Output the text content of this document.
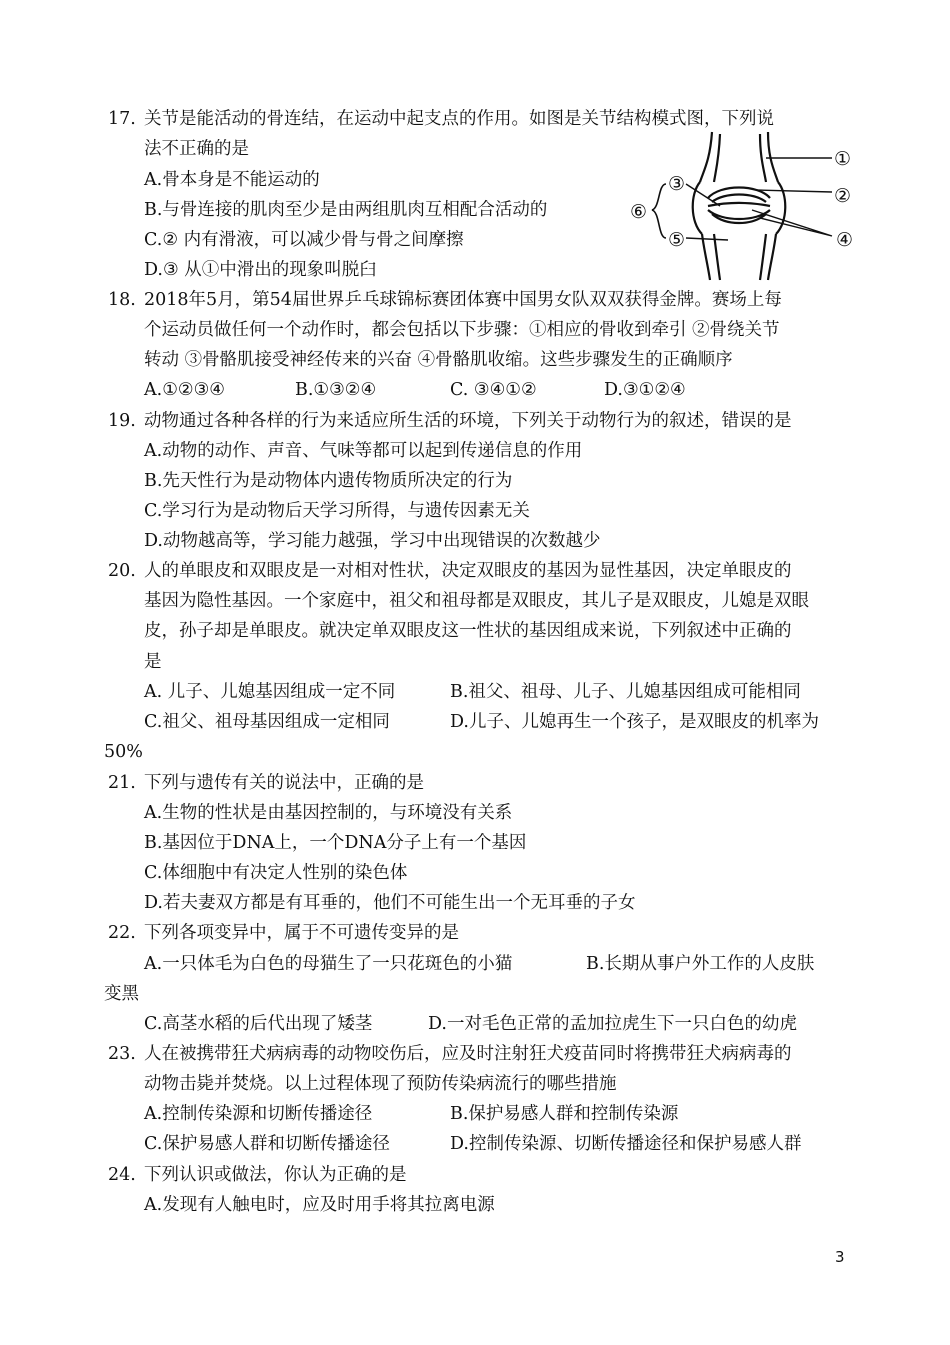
17. 关节是能活动的骨连结，在运动中起支点的作用。如图是关节结构模式图，下列说
法不正确的是
A.骨本身是不能运动的
B.与骨连接的肌肉至少是由两组肌肉互相配合活动的
C.② 内有滑液，可以减少骨与骨之间摩擦
D.③ 从①中滑出的现象叫脱臼
①
②
③
④
⑤
⑥
18. 2018年5月，第54届世界乒乓球锦标赛团体赛中国男女队双双获得金牌。赛场上每
个运动员做任何一个动作时，都会包括以下步骤：①相应的骨收到牵引 ②骨绕关节
转动 ③骨骼肌接受神经传来的兴奋 ④骨骼肌收缩。这些步骤发生的正确顺序
A.①②③④	B.①③②④	C. ③④①②	D.③①②④
19. 动物通过各种各样的行为来适应所生活的环境，下列关于动物行为的叙述，错误的是
A.动物的动作、声音、气味等都可以起到传递信息的作用
B.先天性行为是动物体内遗传物质所决定的行为
C.学习行为是动物后天学习所得，与遗传因素无关
D.动物越高等，学习能力越强，学习中出现错误的次数越少
20. 人的单眼皮和双眼皮是一对相对性状，决定双眼皮的基因为显性基因，决定单眼皮的
基因为隐性基因。一个家庭中，祖父和祖母都是双眼皮，其儿子是双眼皮，儿媳是双眼
皮，孙子却是单眼皮。就决定单双眼皮这一性状的基因组成来说，下列叙述中正确的
是
A. 儿子、儿媳基因组成一定不同	B.祖父、祖母、儿子、儿媳基因组成可能相同
C.祖父、祖母基因组成一定相同	D.儿子、儿媳再生一个孩子，是双眼皮的机率为
50%
21. 下列与遗传有关的说法中，正确的是
A.生物的性状是由基因控制的，与环境没有关系
B.基因位于DNA上，一个DNA分子上有一个基因
C.体细胞中有决定人性别的染色体
D.若夫妻双方都是有耳垂的，他们不可能生出一个无耳垂的子女
22. 下列各项变异中，属于不可遗传变异的是
A.一只体毛为白色的母猫生了一只花斑色的小猫	B.长期从事户外工作的人皮肤
变黑
C.高茎水稻的后代出现了矮茎	D.一对毛色正常的孟加拉虎生下一只白色的幼虎
23. 人在被携带狂犬病病毒的动物咬伤后，应及时注射狂犬疫苗同时将携带狂犬病病毒的
动物击毙并焚烧。以上过程体现了预防传染病流行的哪些措施
A.控制传染源和切断传播途径	B.保护易感人群和控制传染源
C.保护易感人群和切断传播途径	D.控制传染源、切断传播途径和保护易感人群
24. 下列认识或做法，你认为正确的是
A.发现有人触电时，应及时用手将其拉离电源
3
